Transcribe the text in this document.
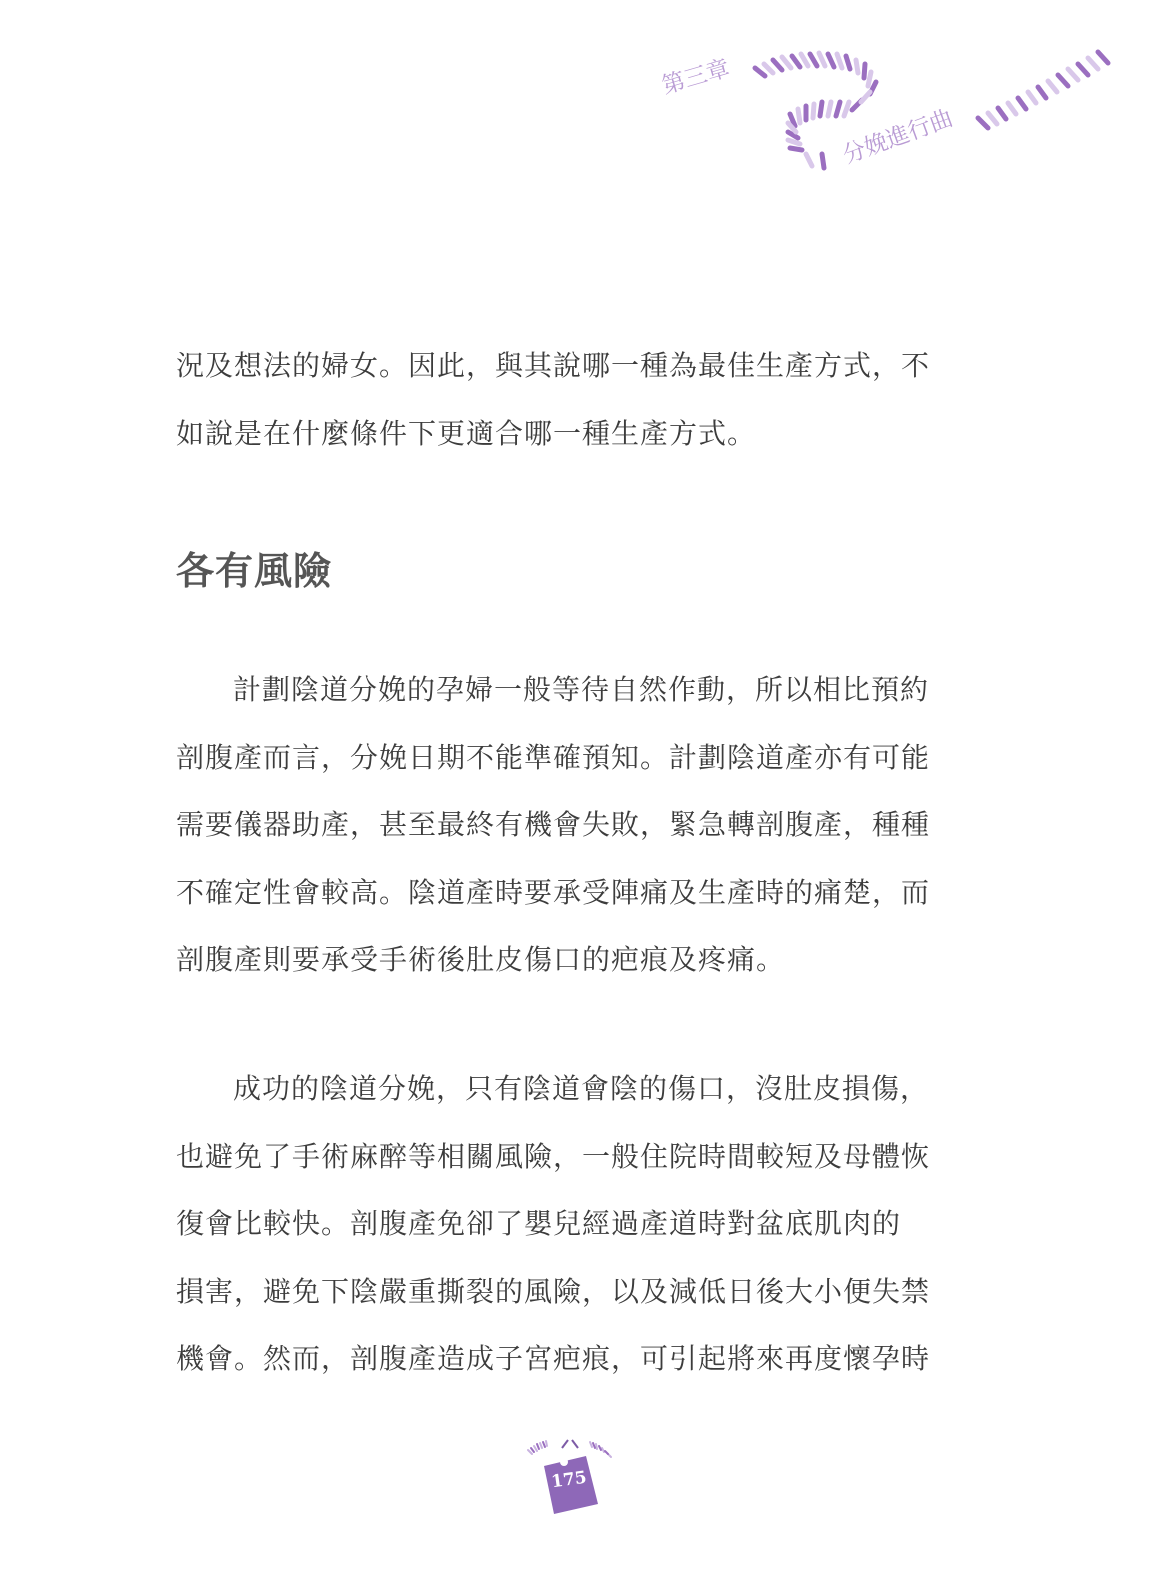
第三章
分娩進行曲

況及想法的婦女。因此，與其說哪一種為最佳生產方式，不

如說是在什麼條件下更適合哪一種生產方式。

各有風險

計劃陰道分娩的孕婦一般等待自然作動，所以相比預約

剖腹產而言，分娩日期不能準確預知。計劃陰道產亦有可能

需要儀器助產，甚至最終有機會失敗，緊急轉剖腹產，種種

不確定性會較高。陰道產時要承受陣痛及生產時的痛楚，而

剖腹產則要承受手術後肚皮傷口的疤痕及疼痛。

成功的陰道分娩，只有陰道會陰的傷口，沒肚皮損傷，

也避免了手術麻醉等相關風險，一般住院時間較短及母體恢

復會比較快。剖腹產免卻了嬰兒經過產道時對盆底肌肉的

損害，避免下陰嚴重撕裂的風險，以及減低日後大小便失禁

機會。然而，剖腹產造成子宮疤痕，可引起將來再度懷孕時

175
